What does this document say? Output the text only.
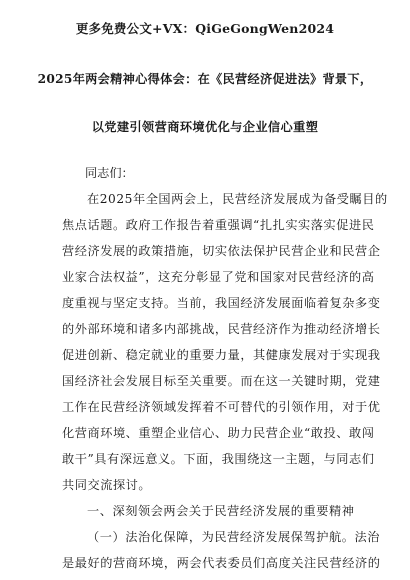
更多免费公文+VX：QiGeGongWen2024
2025年两会精神心得体会：在《民营经济促进法》背景下，
以党建引领营商环境优化与企业信心重塑
同志们：
在2025年全国两会上，民营经济发展成为备受瞩目的
焦点话题。政府工作报告着重强调“扎扎实实落实促进民
营经济发展的政策措施，切实依法保护民营企业和民营企
业家合法权益”，这充分彰显了党和国家对民营经济的高
度重视与坚定支持。当前，我国经济发展面临着复杂多变
的外部环境和诸多内部挑战，民营经济作为推动经济增长
促进创新、稳定就业的重要力量，其健康发展对于实现我
国经济社会发展目标至关重要。而在这一关键时期，党建
工作在民营经济领域发挥着不可替代的引领作用，对于优
化营商环境、重塑企业信心、助力民营企业“敢投、敢闯
敢干”具有深远意义。下面，我围绕这一主题，与同志们
共同交流探讨。
一、深刻领会两会关于民营经济发展的重要精神
（一）法治化保障，为民营经济发展保驾护航。法治
是最好的营商环境，两会代表委员们高度关注民营经济的
